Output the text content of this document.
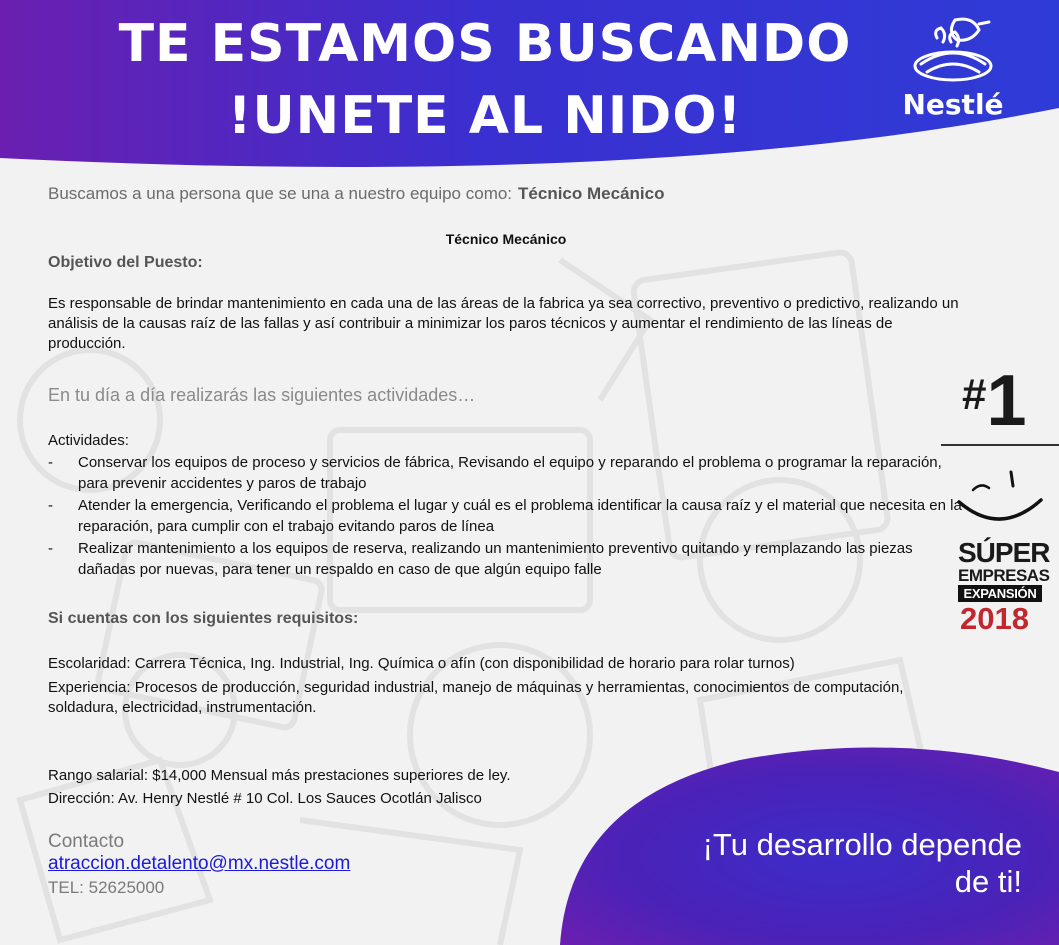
TE ESTAMOS BUSCANDO
!UNETE AL NIDO!	Nestlé
Buscamos a una persona que se una a nuestro equipo como: Técnico Mecánico
Técnico Mecánico
Objetivo del Puesto:
Es responsable de brindar mantenimiento en cada una de las áreas de la fabrica ya sea correctivo, preventivo o predictivo, realizando un análisis de la causas raíz de las fallas y así contribuir a minimizar los paros técnicos y aumentar el rendimiento de las líneas de producción.
En tu día a día realizarás las siguientes actividades…
Actividades:
- Conservar los equipos de proceso y servicios de fábrica, Revisando el equipo y reparando el problema o programar la reparación, para prevenir accidentes y paros de trabajo
- Atender la emergencia, Verificando el problema el lugar y cuál es el problema identificar la causa raíz y el material que necesita en la reparación, para cumplir con el trabajo evitando paros de línea
- Realizar mantenimiento a los equipos de reserva, realizando un mantenimiento preventivo quitando y remplazando las piezas dañadas por nuevas, para tener un respaldo en caso de que algún equipo falle
Si cuentas con los siguientes requisitos:
Escolaridad: Carrera Técnica, Ing. Industrial, Ing. Química o afín (con disponibilidad de horario para rolar turnos)
Experiencia: Procesos de producción, seguridad industrial, manejo de máquinas y herramientas, conocimientos de computación, soldadura, electricidad, instrumentación.
Rango salarial: $14,000 Mensual más prestaciones superiores de ley.
Dirección: Av. Henry Nestlé # 10 Col. Los Sauces Ocotlán Jalisco
Contacto
atraccion.detalento@mx.nestle.com
TEL: 52625000
¡Tu desarrollo depende
de ti!
#1
SÚPER
EMPRESAS
EXPANSIÓN
2018
